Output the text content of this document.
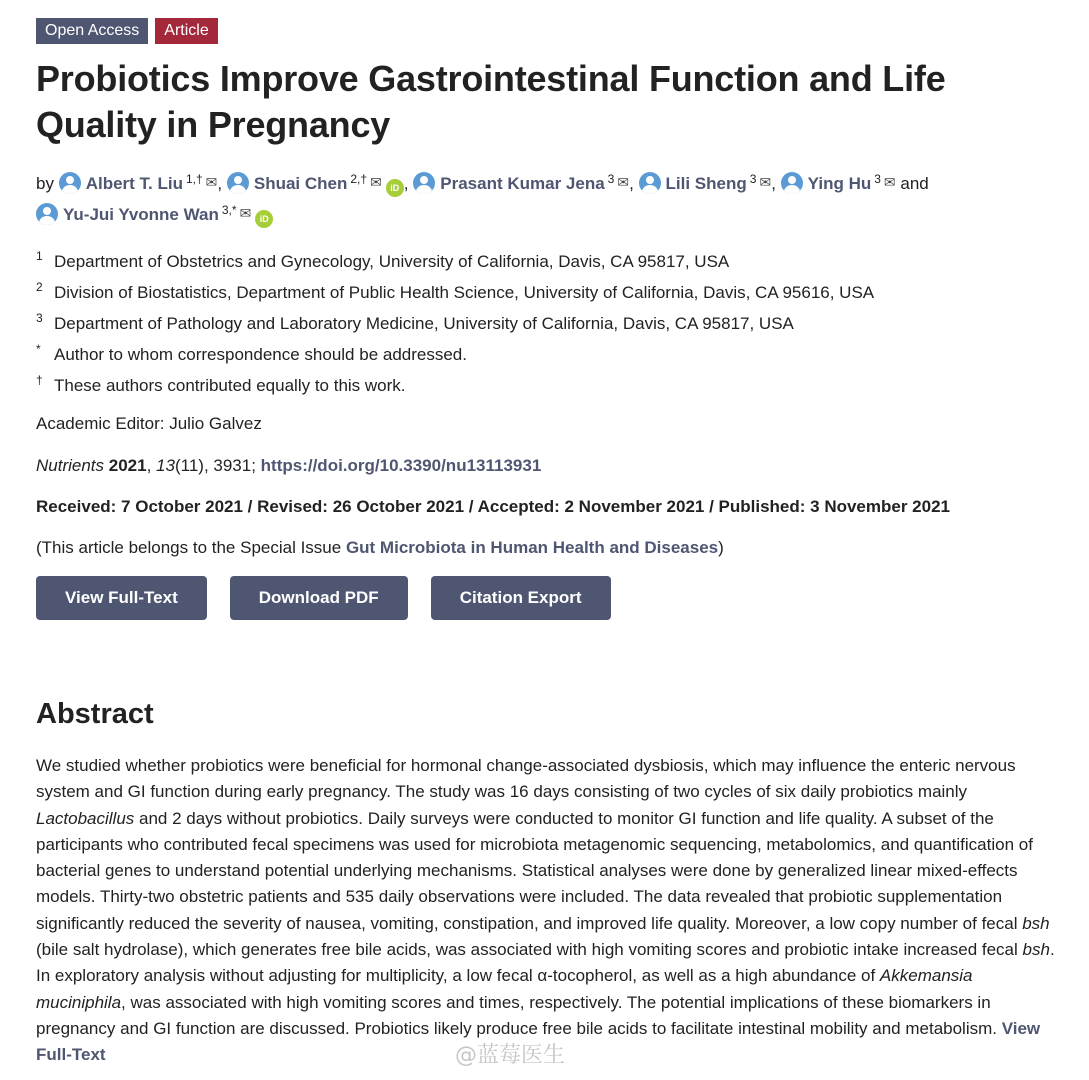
Open Access	Article
Probiotics Improve Gastrointestinal Function and Life Quality in Pregnancy
by Albert T. Liu $^{1,\dagger}$ ✉, Shuai Chen $^{2,\dagger}$ ✉ iD , Prasant Kumar Jena $^3$ ✉, Lili Sheng $^3$ ✉, Ying Hu $^3$ ✉ and
Yu-Jui Yvonne Wan $^{3,*}$ ✉ iD
1 Department of Obstetrics and Gynecology, University of California, Davis, CA 95817, USA
2 Division of Biostatistics, Department of Public Health Science, University of California, Davis, CA 95616, USA
3 Department of Pathology and Laboratory Medicine, University of California, Davis, CA 95817, USA
* Author to whom correspondence should be addressed.
† These authors contributed equally to this work.
Academic Editor: Julio Galvez
Nutrients 2021, 13(11), 3931; https://doi.org/10.3390/nu13113931
Received: 7 October 2021 / Revised: 26 October 2021 / Accepted: 2 November 2021 / Published: 3 November 2021
(This article belongs to the Special Issue Gut Microbiota in Human Health and Diseases)
View Full-Text	Download PDF	Citation Export
Abstract

We studied whether probiotics were beneficial for hormonal change-associated dysbiosis, which may influence the enteric nervous system and GI function during early pregnancy. The study was 16 days consisting of two cycles of six daily probiotics mainly Lactobacillus and 2 days without probiotics. Daily surveys were conducted to monitor GI function and life quality. A subset of the participants who contributed fecal specimens was used for microbiota metagenomic sequencing, metabolomics, and quantification of bacterial genes to understand potential underlying mechanisms. Statistical analyses were done by generalized linear mixed-effects models. Thirty-two obstetric patients and 535 daily observations were included. The data revealed that probiotic supplementation significantly reduced the severity of nausea, vomiting, constipation, and improved life quality. Moreover, a low copy number of fecal bsh (bile salt hydrolase), which generates free bile acids, was associated with high vomiting scores and probiotic intake increased fecal bsh. In exploratory analysis without adjusting for multiplicity, a low fecal α-tocopherol, as well as a high abundance of Akkemansia muciniphila, was associated with high vomiting scores and times, respectively. The potential implications of these biomarkers in pregnancy and GI function are discussed. Probiotics likely produce free bile acids to facilitate intestinal mobility and metabolism. View Full-Text	@蓝莓医生
